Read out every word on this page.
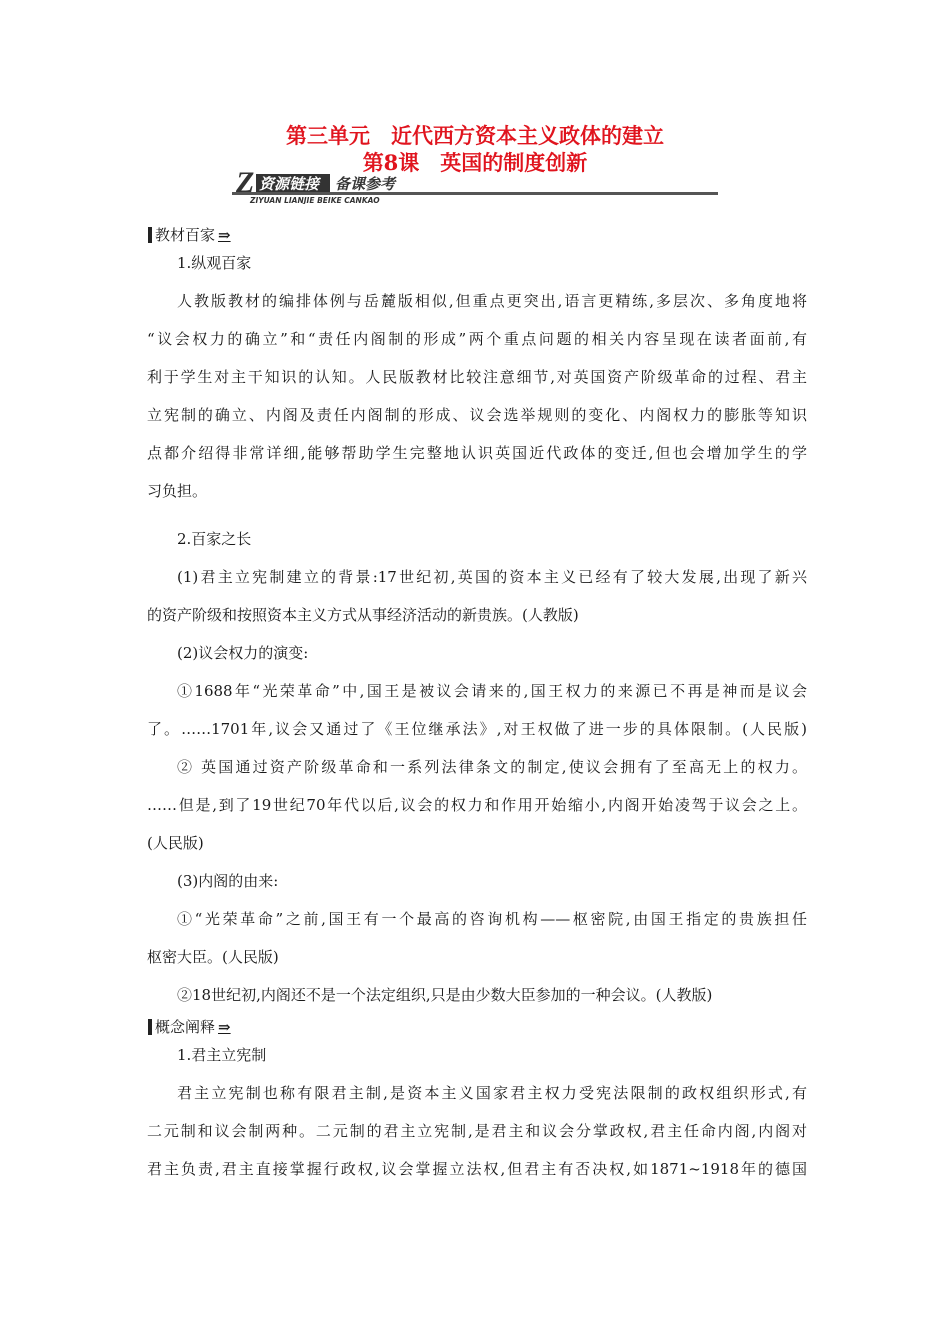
第三单元　近代西方资本主义政体的建立
第8课　英国的制度创新
Z 资源链接 备课参考
ZIYUAN LIANJIE BEIKE CANKAO
教材百家 ⇒
1.纵观百家
人教版教材的编排体例与岳麓版相似,但重点更突出,语言更精练,多层次、多角度地将
“议会权力的确立”和“责任内阁制的形成”两个重点问题的相关内容呈现在读者面前,有
利于学生对主干知识的认知。人民版教材比较注意细节,对英国资产阶级革命的过程、君主
立宪制的确立、内阁及责任内阁制的形成、议会选举规则的变化、内阁权力的膨胀等知识
点都介绍得非常详细,能够帮助学生完整地认识英国近代政体的变迁,但也会增加学生的学
习负担。
2.百家之长
(1)君主立宪制建立的背景:17世纪初,英国的资本主义已经有了较大发展,出现了新兴
的资产阶级和按照资本主义方式从事经济活动的新贵族。(人教版)
(2)议会权力的演变:
①1688年“光荣革命”中,国王是被议会请来的,国王权力的来源已不再是神而是议会
了。……1701年,议会又通过了《王位继承法》,对王权做了进一步的具体限制。(人民版)
② 英国通过资产阶级革命和一系列法律条文的制定,使议会拥有了至高无上的权力。
……但是,到了19世纪70年代以后,议会的权力和作用开始缩小,内阁开始凌驾于议会之上。
(人民版)
(3)内阁的由来:
①“光荣革命”之前,国王有一个最高的咨询机构——枢密院,由国王指定的贵族担任
枢密大臣。(人民版)
②18世纪初,内阁还不是一个法定组织,只是由少数大臣参加的一种会议。(人教版)
概念阐释 ⇒
1.君主立宪制
君主立宪制也称有限君主制,是资本主义国家君主权力受宪法限制的政权组织形式,有
二元制和议会制两种。二元制的君主立宪制,是君主和议会分掌政权,君主任命内阁,内阁对
君主负责,君主直接掌握行政权,议会掌握立法权,但君主有否决权,如1871~1918年的德国
